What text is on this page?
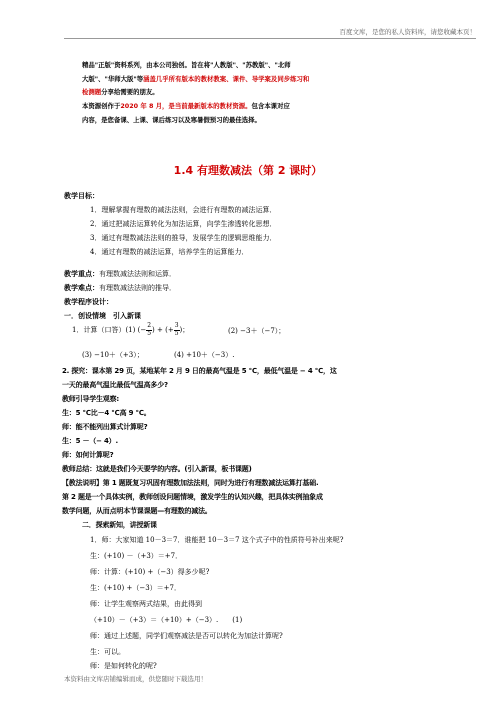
百度文库，是您的私人资料库，请您收藏本页！
本资料由文库店铺编辑而成，供您随时下载选用！
精品"正版"资料系列，由本公司独创。旨在将"人教版"、"苏教版"、"北师
大版"、"华师大版"等涵盖几乎所有版本的教材教案、课件、导学案及同步练习和
检测题分享给需要的朋友。
本资源创作于2020 年 8 月，是当前最新版本的教材资源。包含本课对应
内容，是您备课、上课、课后练习以及寒暑假预习的最佳选择。
1.4 有理数减法（第 2 课时）
教学目标：
1．理解掌握有理数的减法法则，会进行有理数的减法运算．
2．通过把减法运算转化为加法运算，向学生渗透转化思想．
3．通过有理数减法法则的推导，发展学生的逻辑思维能力．
4．通过有理数的减法运算，培养学生的运算能力．
教学重点：有理数减法法则和运算．
教学难点：有理数减法法则的推导．
教学程序设计：
一．创设情境　引入新课
1．计算（口答）(1) (− $\frac{2}{5}$ ) + (+ $\frac{3}{5}$ )；	(2) −3＋（−7）；
(3) −10＋（+3）；	(4) +10＋（−3）.
2. 探究：课本第 29 页，某地某年 2 月 9 日的最高气温是 5 ℃，最低气温是 − 4 ℃，这
一天的最高气温比最低气温高多少?
教师引导学生观察:
生：5 ℃比－4 ℃高 9 ℃。
师：能不能列出算式计算呢?
生：5 －（− 4）.
师：如何计算呢?
教师总结：这就是我们今天要学的内容。(引入新课，板书课题)
【教法说明】第 1 题既复习巩固有理数加法法则，同时为进行有理数减法运算打基础.
第 2 题是一个具体实例，教师创设问题情境，激发学生的认知兴趣，把具体实例抽象成
数学问题，从而点明本节课课题—有理数的减法。
二．探索新知，讲授新课
1．师：大家知道 10－3＝7．谁能把 10－3＝7 这个式子中的性质符号补出来呢?
生：(+10) －（+3）＝+7．
师：计算：(+10) +（−3）得多少呢?
生：(+10) +（−3）＝+7．
师：让学生观察两式结果，由此得到
（+10）－（+3）＝（+10）+（−3）.　　(1)
师：通过上述题，同学们观察减法是否可以转化为加法计算呢?
生：可以。
师：是如何转化的呢?
